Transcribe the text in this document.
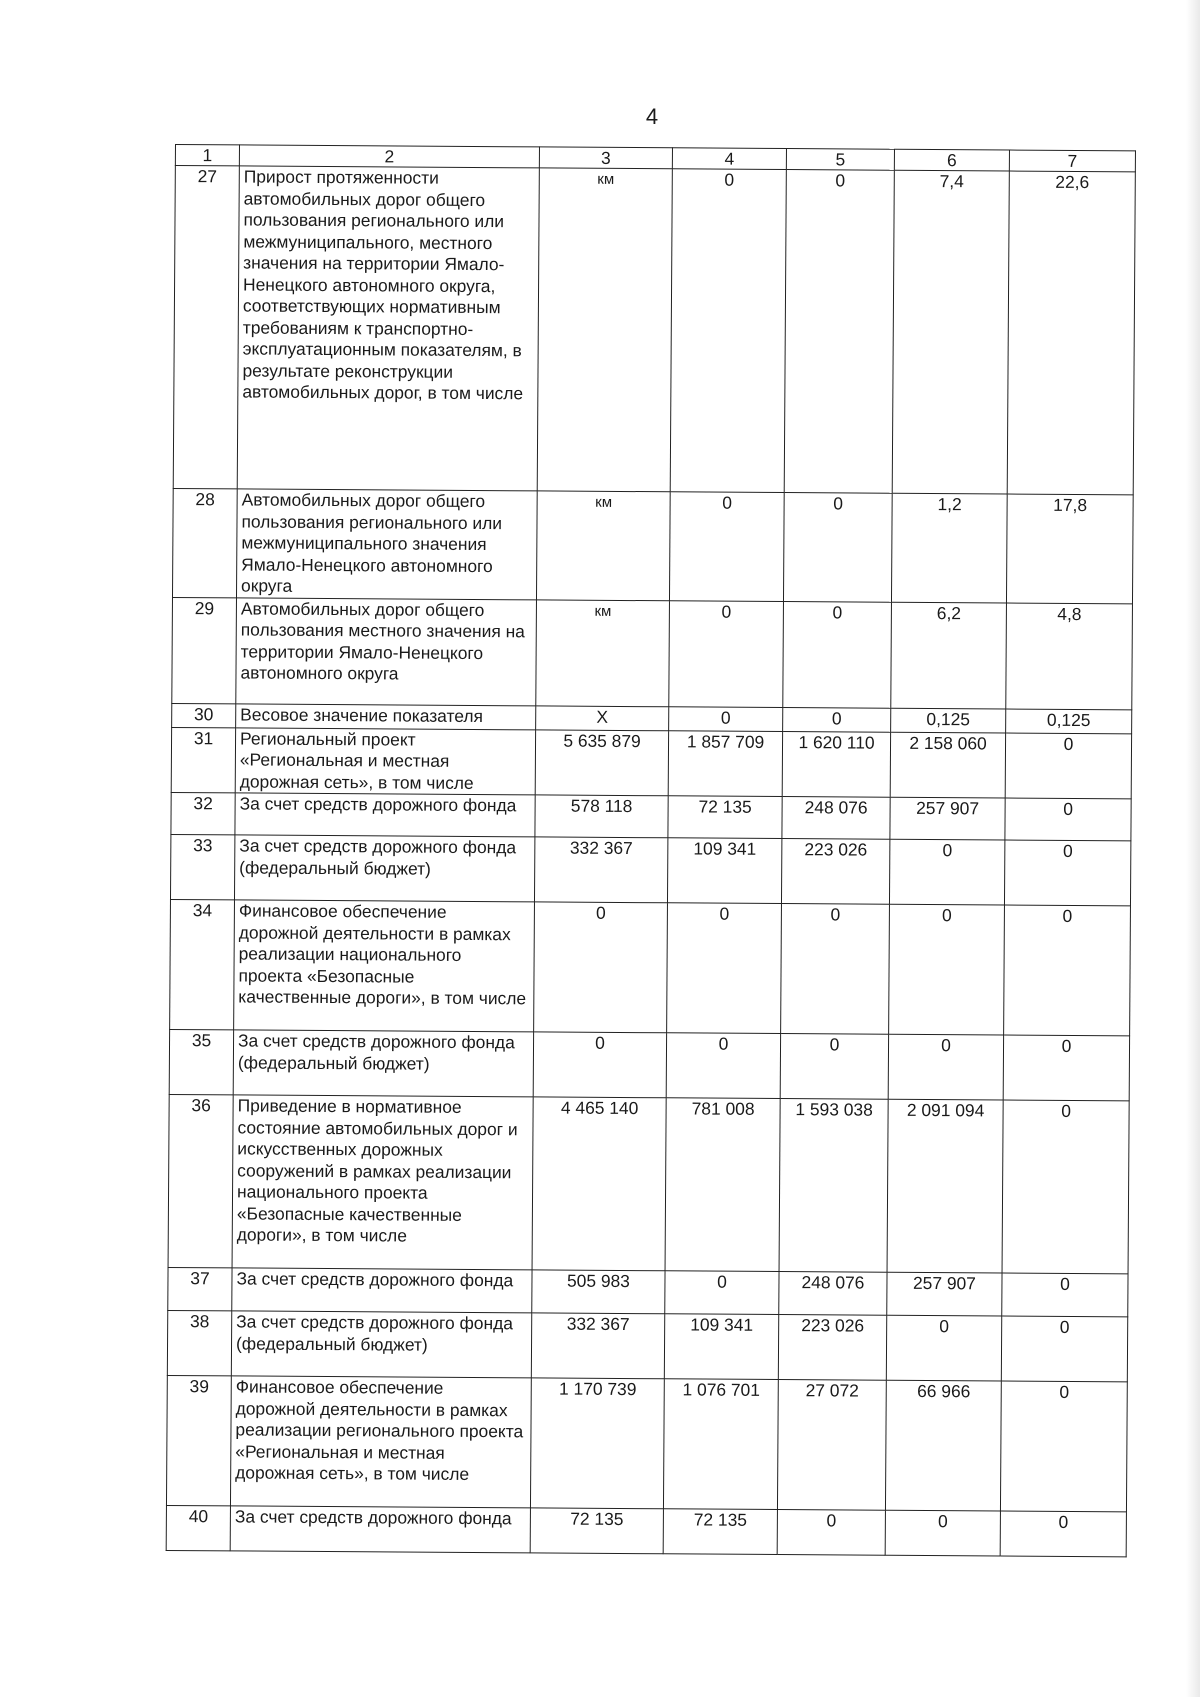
4
1	2	3	4	5	6	7
27	Прирост протяженности автомобильных дорог общего пользования регионального или межмуниципального, местного значения на территории Ямало-Ненецкого автономного округа, соответствующих нормативным требованиям к транспортно-эксплуатационным показателям, в результате реконструкции автомобильных дорог, в том числе	км	0	0	7,4	22,6
28	Автомобильных дорог общего пользования регионального или межмуниципального значения Ямало-Ненецкого автономного округа	км	0	0	1,2	17,8
29	Автомобильных дорог общего пользования местного значения на территории Ямало-Ненецкого автономного округа	км	0	0	6,2	4,8
30	Весовое значение показателя	Х	0	0	0,125	0,125
31	Региональный проект «Региональная и местная дорожная сеть», в том числе	5 635 879	1 857 709	1 620 110	2 158 060	0
32	За счет средств дорожного фонда	578 118	72 135	248 076	257 907	0
33	За счет средств дорожного фонда (федеральный бюджет)	332 367	109 341	223 026	0	0
34	Финансовое обеспечение дорожной деятельности в рамках реализации национального проекта «Безопасные качественные дороги», в том числе	0	0	0	0	0
35	За счет средств дорожного фонда (федеральный бюджет)	0	0	0	0	0
36	Приведение в нормативное состояние автомобильных дорог и искусственных дорожных сооружений в рамках реализации национального проекта «Безопасные качественные дороги», в том числе	4 465 140	781 008	1 593 038	2 091 094	0
37	За счет средств дорожного фонда	505 983	0	248 076	257 907	0
38	За счет средств дорожного фонда (федеральный бюджет)	332 367	109 341	223 026	0	0
39	Финансовое обеспечение дорожной деятельности в рамках реализации регионального проекта «Региональная и местная дорожная сеть», в том числе	1 170 739	1 076 701	27 072	66 966	0
40	За счет средств дорожного фонда	72 135	72 135	0	0	0
